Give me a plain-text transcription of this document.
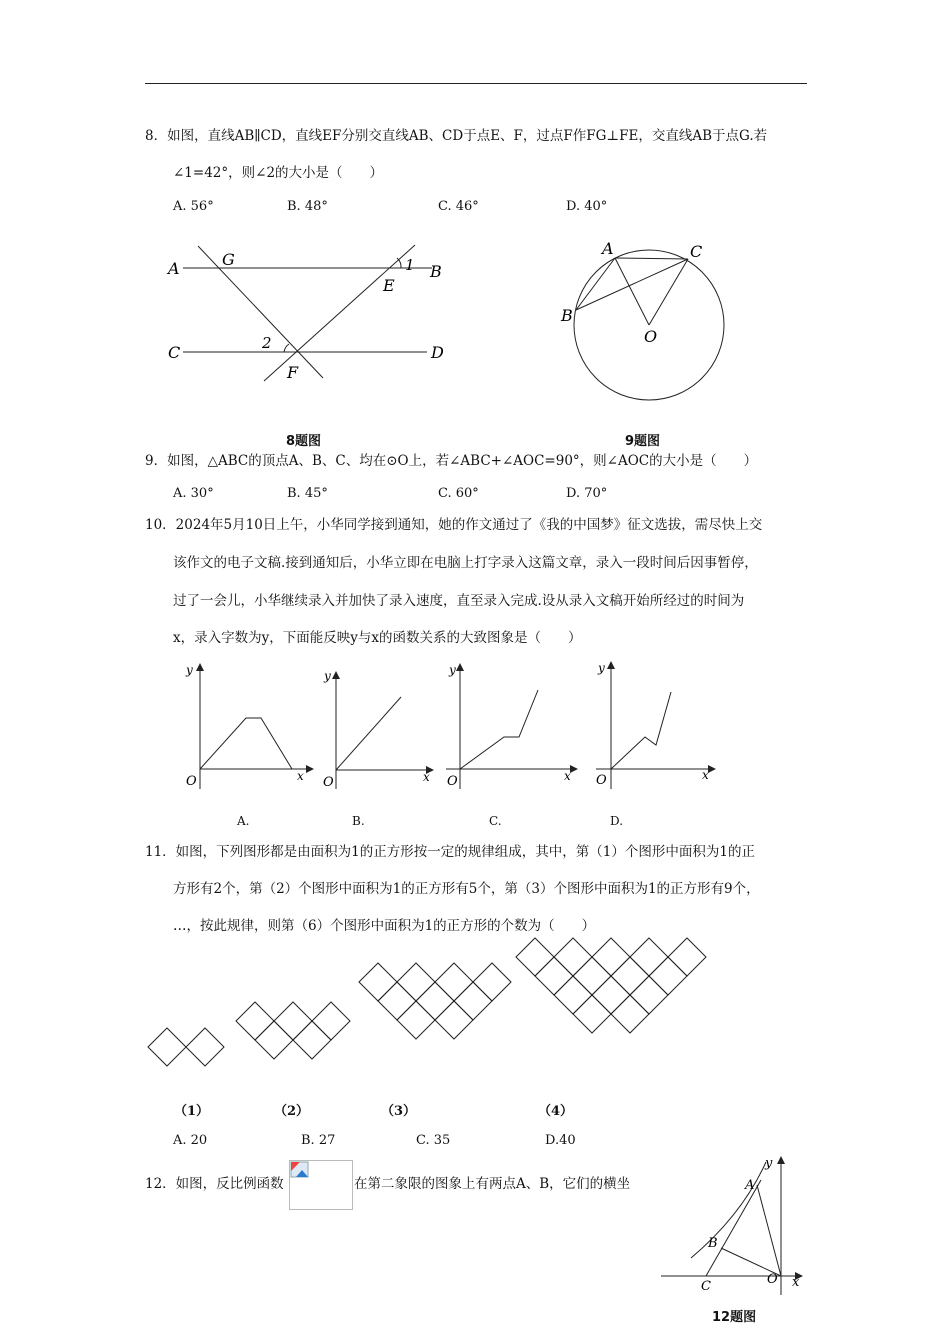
8．如图，直线AB∥CD，直线EF分别交直线AB、CD于点E、F，过点F作FG⊥FE，交直线AB于点G.若
∠1=42°，则∠2的大小是（　　）
A. 56°	B. 48°	C. 46°	D. 40°
A	G	1 B
E
C	2	D
F
8题图
A	C
B
O
9题图
9．如图，△ABC的顶点A、B、C、均在⊙O上，若∠ABC+∠AOC=90°，则∠AOC的大小是（　　）
A. 30°	B. 45°	C. 60°	D. 70°
10．2024年5月10日上午，小华同学接到通知，她的作文通过了《我的中国梦》征文选拔，需尽快上交
该作文的电子文稿.接到通知后，小华立即在电脑上打字录入这篇文章，录入一段时间后因事暂停，
过了一会儿，小华继续录入并加快了录入速度，直至录入完成.设从录入文稿开始所经过的时间为
x，录入字数为y，下面能反映y与x的函数关系的大致图象是（　　）
y
x
O
y
x
O
y
x
O
y
x
O
A.	B.	C.	D.
11．如图，下列图形都是由面积为1的正方形按一定的规律组成，其中，第（1）个图形中面积为1的正
方形有2个，第（2）个图形中面积为1的正方形有5个，第（3）个图形中面积为1的正方形有9个，
…，按此规律，则第（6）个图形中面积为1的正方形的个数为（　　）
（1）	（2）	（3）	（4）
A. 20	B. 27	C. 35	D.40
12．如图，反比例函数	在第二象限的图象上有两点A、B，它们的横坐
y
A
B
C	O x
12题图
